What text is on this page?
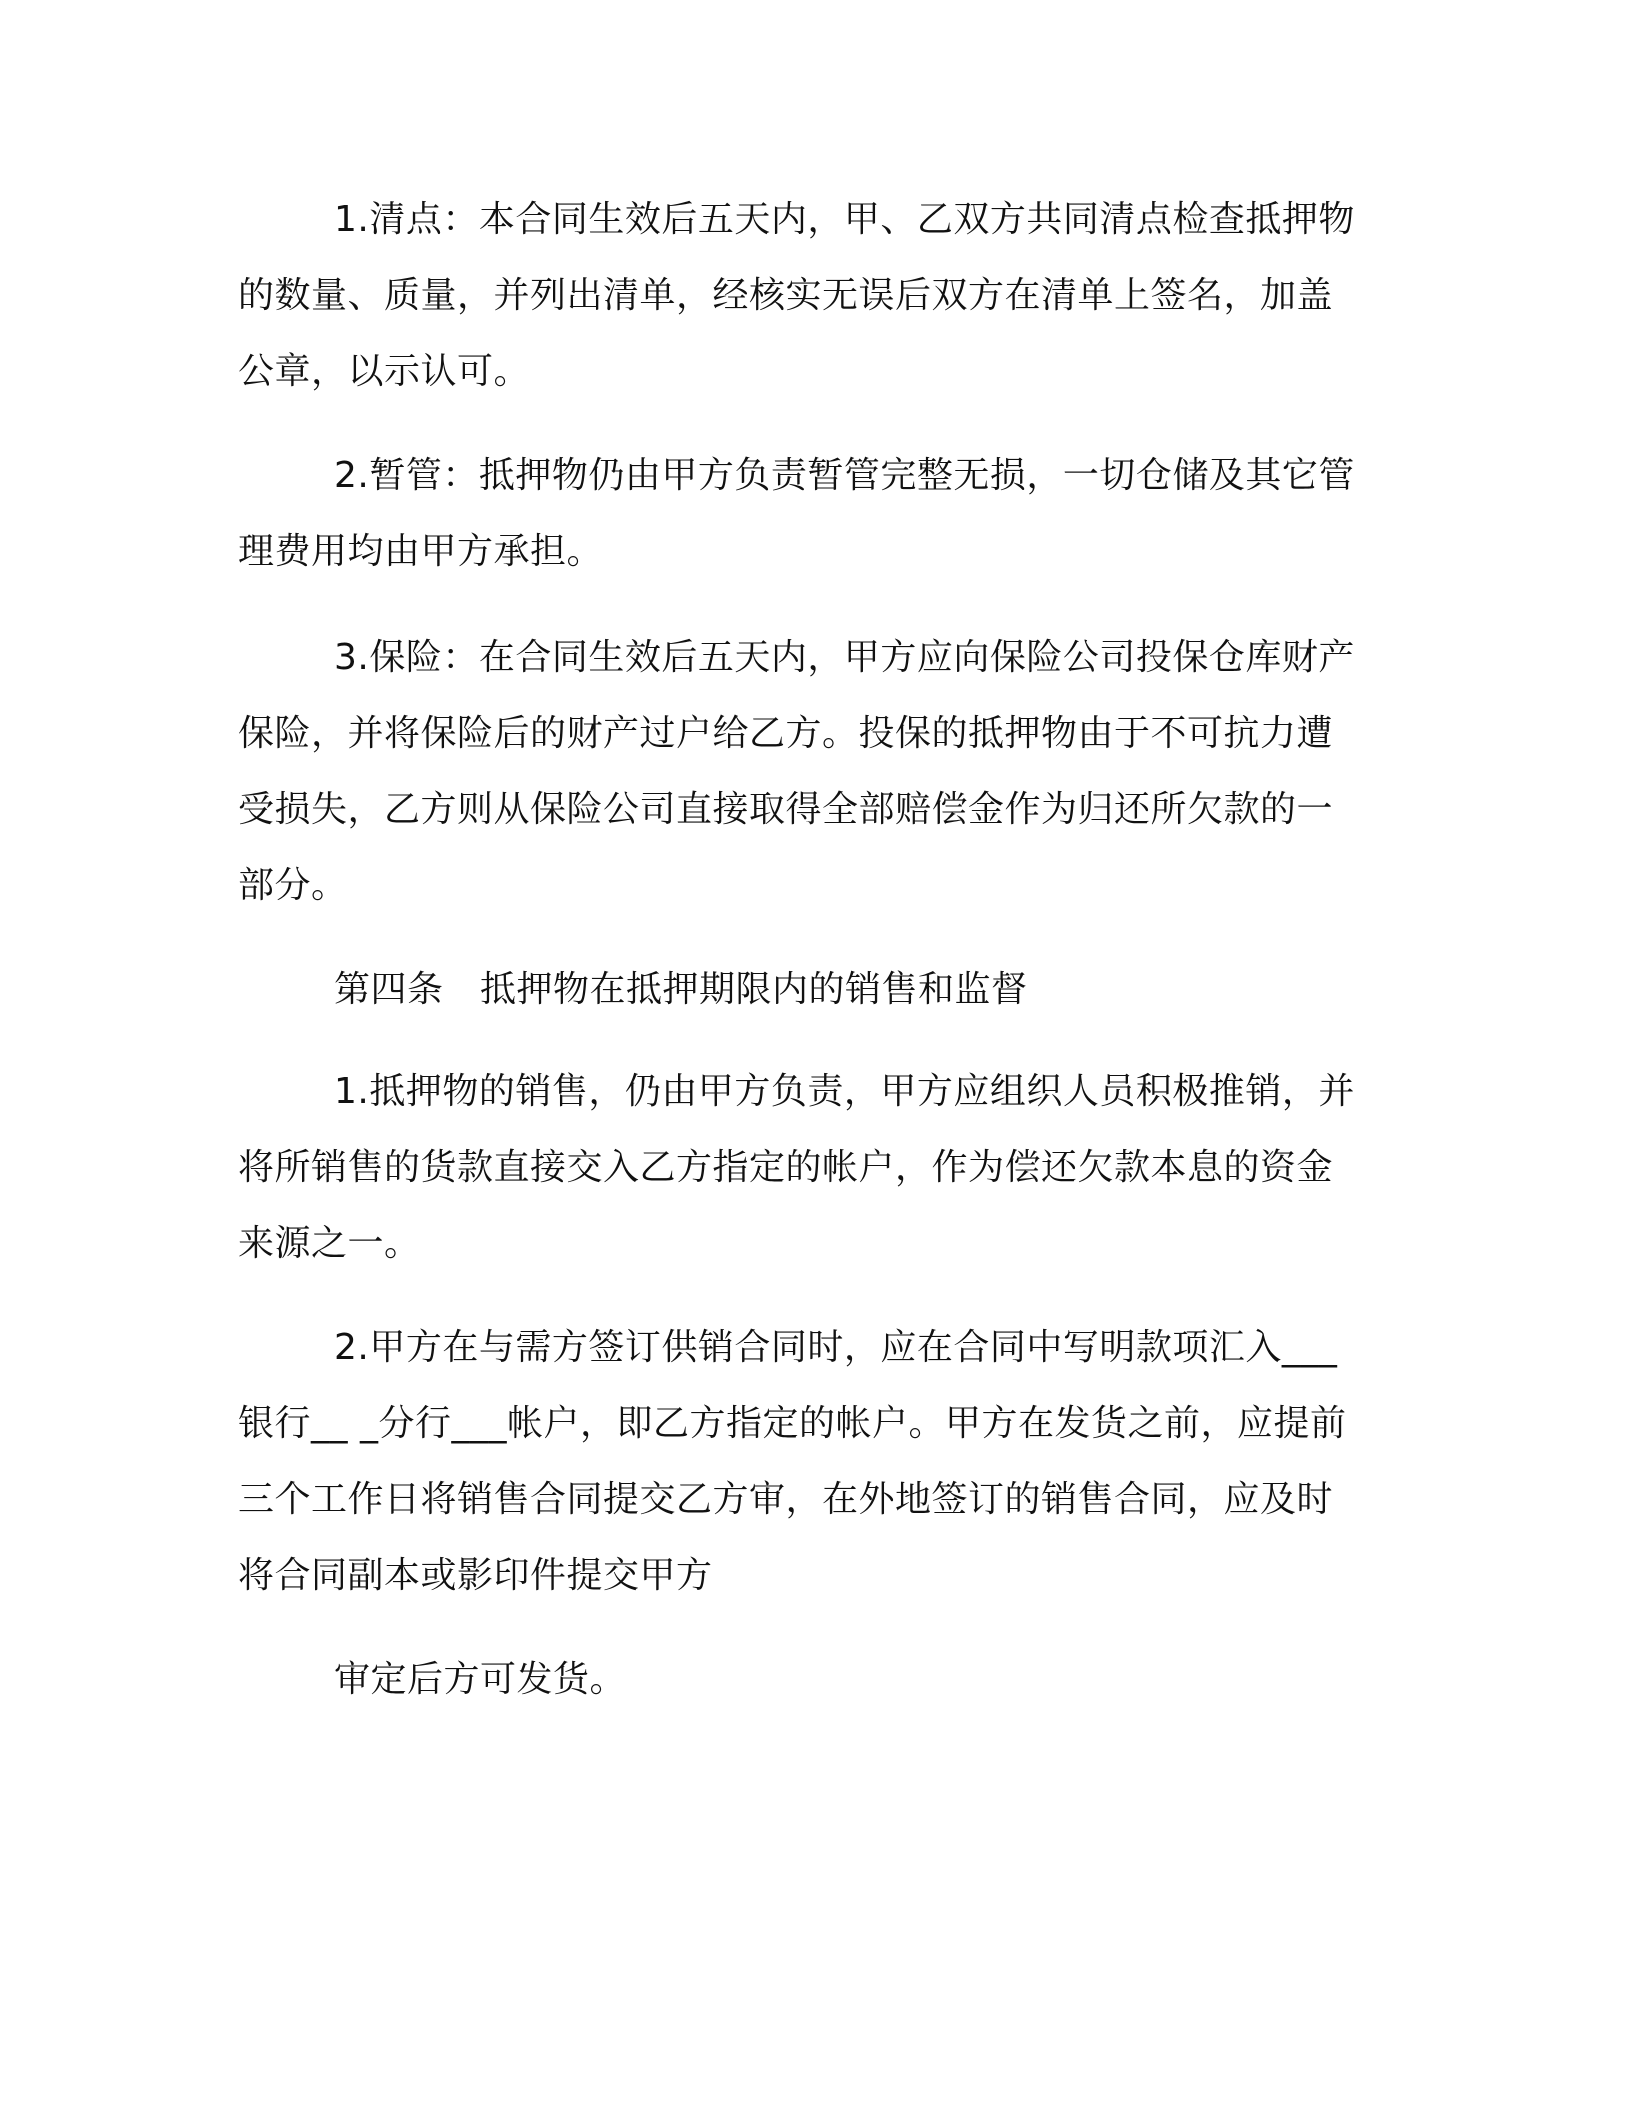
1.清点：本合同生效后五天内，甲、乙双方共同清点检查抵押物
的数量、质量，并列出清单，经核实无误后双方在清单上签名，加盖
公章，以示认可。
2.暂管：抵押物仍由甲方负责暂管完整无损，一切仓储及其它管
理费用均由甲方承担。
3.保险：在合同生效后五天内，甲方应向保险公司投保仓库财产
保险，并将保险后的财产过户给乙方。投保的抵押物由于不可抗力遭
受损失，乙方则从保险公司直接取得全部赔偿金作为归还所欠款的一
部分。
第四条　抵押物在抵押期限内的销售和监督
1.抵押物的销售，仍由甲方负责，甲方应组织人员积极推销，并
将所销售的货款直接交入乙方指定的帐户，作为偿还欠款本息的资金
来源之一。
2.甲方在与需方签订供销合同时，应在合同中写明款项汇入___
银行__ _分行___帐户，即乙方指定的帐户。甲方在发货之前，应提前
三个工作日将销售合同提交乙方审，在外地签订的销售合同，应及时
将合同副本或影印件提交甲方
审定后方可发货。
